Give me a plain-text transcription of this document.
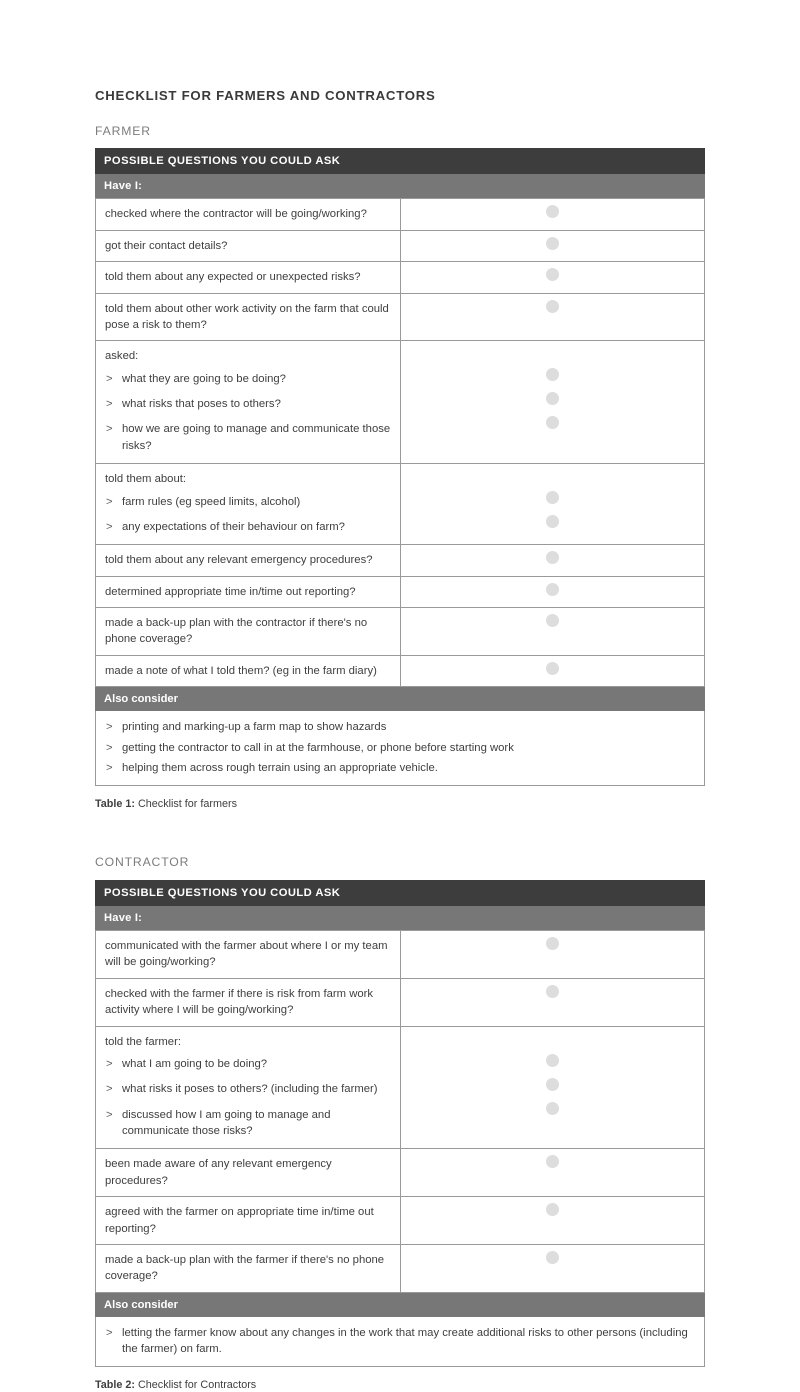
CHECKLIST FOR FARMERS AND CONTRACTORS
FARMER
POSSIBLE QUESTIONS YOU COULD ASK	
Have I:	

checked where the contractor will be going/working?	

got their contact details?	

told them about any expected or unexpected risks?	

told them about other work activity on the farm that could pose a risk to them?	

asked:
> what they are going to be doing?
> what risks that poses to others?
> how we are going to manage and communicate those risks?

told them about:
> farm rules (eg speed limits, alcohol)
> any expectations of their behaviour on farm?

told them about any relevant emergency procedures?	

determined appropriate time in/time out reporting?	

made a back-up plan with the contractor if there's no phone coverage?	

made a note of what I told them? (eg in the farm diary)	

Also consider	

> printing and marking-up a farm map to show hazards
> getting the contractor to call in at the farmhouse, or phone before starting work
> helping them across rough terrain using an appropriate vehicle.
Table 1: Checklist for farmers
CONTRACTOR
POSSIBLE QUESTIONS YOU COULD ASK	
Have I:	

communicated with the farmer about where I or my team will be going/working?	

checked with the farmer if there is risk from farm work activity where I will be going/working?	

told the farmer:
> what I am going to be doing?
> what risks it poses to others? (including the farmer)
> discussed how I am going to manage and communicate those risks?

been made aware of any relevant emergency procedures?	

agreed with the farmer on appropriate time in/time out reporting?	

made a back-up plan with the farmer if there's no phone coverage?	

Also consider	

> letting the farmer know about any changes in the work that may create additional risks to other persons (including the farmer) on farm.
Table 2: Checklist for Contractors
